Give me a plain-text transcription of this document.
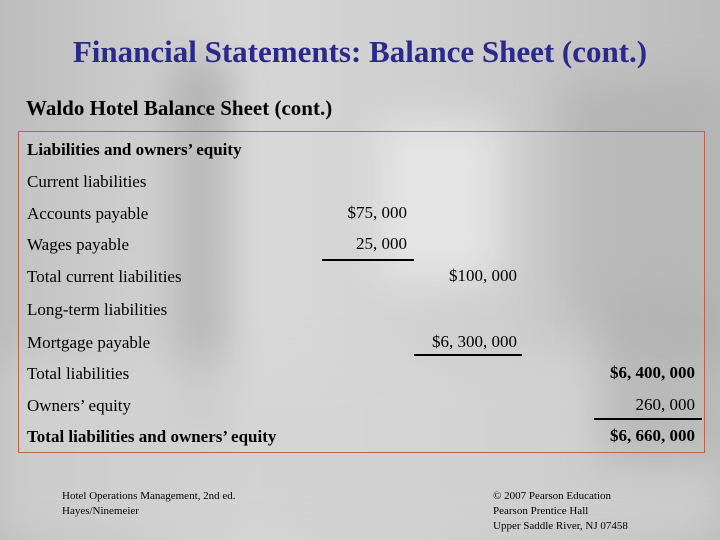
Financial Statements: Balance Sheet (cont.)
Waldo Hotel Balance Sheet (cont.)
Liabilities and owners’ equity
Current liabilities
Accounts payable	$75, 000
Wages payable	25, 000
Total current liabilities	$100, 000
Long-term liabilities
Mortgage payable	$6, 300, 000
Total liabilities	$6, 400, 000
Owners’ equity	260, 000
Total liabilities and owners’ equity	$6, 660, 000
Hotel Operations Management, 2nd ed.
Hayes/Ninemeier
© 2007 Pearson Education
Pearson Prentice Hall
Upper Saddle River, NJ 07458
